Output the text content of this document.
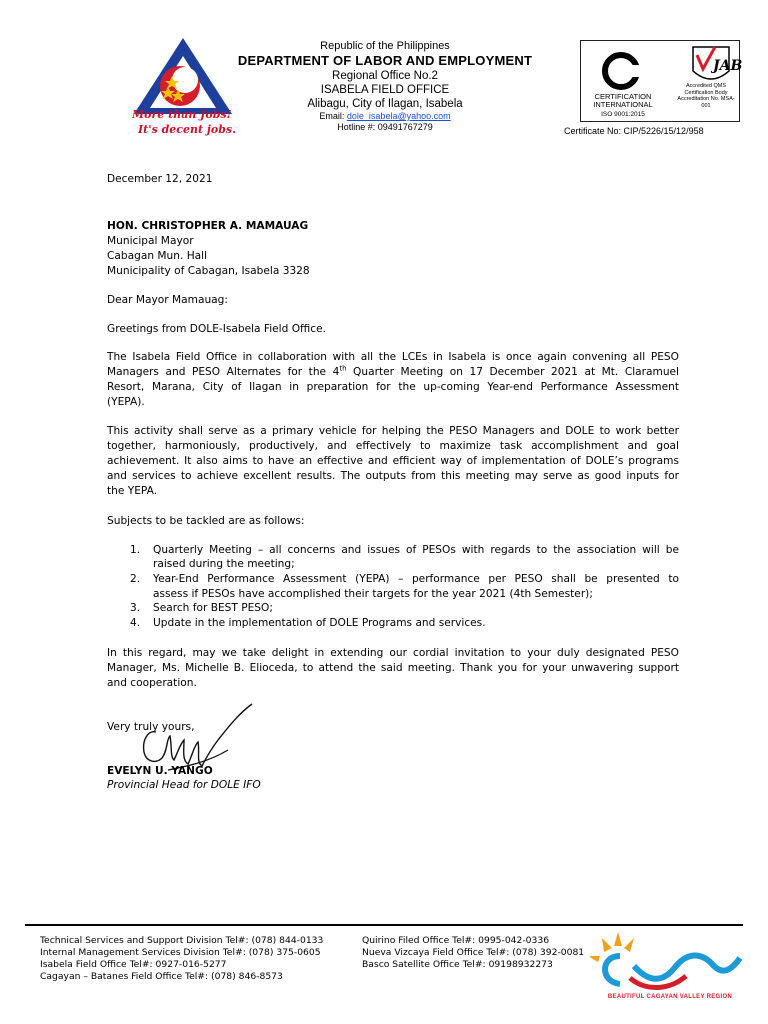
More than Jobs!
It's decent jobs.
Republic of the Philippines
DEPARTMENT OF LABOR AND EMPLOYMENT
Regional Office No.2
ISABELA FIELD OFFICE
Alibagu, City of Ilagan, Isabela
Email: dole_isabela@yahoo.com
Hotline #: 09491767279
JAB
CERTIFICATION INTERNATIONAL
ISO 9001:2015
Accredited QMS Certification Body Accreditation No. MSA-001
Certificate No: CIP/5226/15/12/958
December 12, 2021
HON. CHRISTOPHER A. MAMAUAG
Municipal Mayor
Cabagan Mun. Hall
Municipality of Cabagan, Isabela 3328
Dear Mayor Mamauag:
Greetings from DOLE-Isabela Field Office.
The Isabela Field Office in collaboration with all the LCEs in Isabela is once again convening all PESO
Managers and PESO Alternates for the 4th Quarter Meeting on 17 December 2021 at Mt. Claramuel
Resort, Marana, City of Ilagan in preparation for the up-coming Year-end Performance Assessment
(YEPA).
This activity shall serve as a primary vehicle for helping the PESO Managers and DOLE to work better
together, harmoniously, productively, and effectively to maximize task accomplishment and goal
achievement. It also aims to have an effective and efficient way of implementation of DOLE’s programs
and services to achieve excellent results. The outputs from this meeting may serve as good inputs for
the YEPA.
Subjects to be tackled are as follows:
1. Quarterly Meeting – all concerns and issues of PESOs with regards to the association will be
raised during the meeting;
2. Year-End Performance Assessment (YEPA) – performance per PESO shall be presented to
assess if PESOs have accomplished their targets for the year 2021 (4th Semester);
3. Search for BEST PESO;
4. Update in the implementation of DOLE Programs and services.
In this regard, may we take delight in extending our cordial invitation to your duly designated PESO
Manager, Ms. Michelle B. Elioceda, to attend the said meeting. Thank you for your unwavering support
and cooperation.
Very truly yours,
EVELYN U. YANGO
Provincial Head for DOLE IFO
Technical Services and Support Division Tel#: (078) 844-0133
Internal Management Services Division Tel#: (078) 375-0605
Isabela Field Office Tel#: 0927-016-5277
Cagayan – Batanes Field Office Tel#: (078) 846-8573
Quirino Filed Office Tel#: 0995-042-0336
Nueva Vizcaya Field Office Tel#: (078) 392-0081
Basco Satellite Office Tel#: 09198932273
BEAUTIFUL CAGAYAN VALLEY REGION
